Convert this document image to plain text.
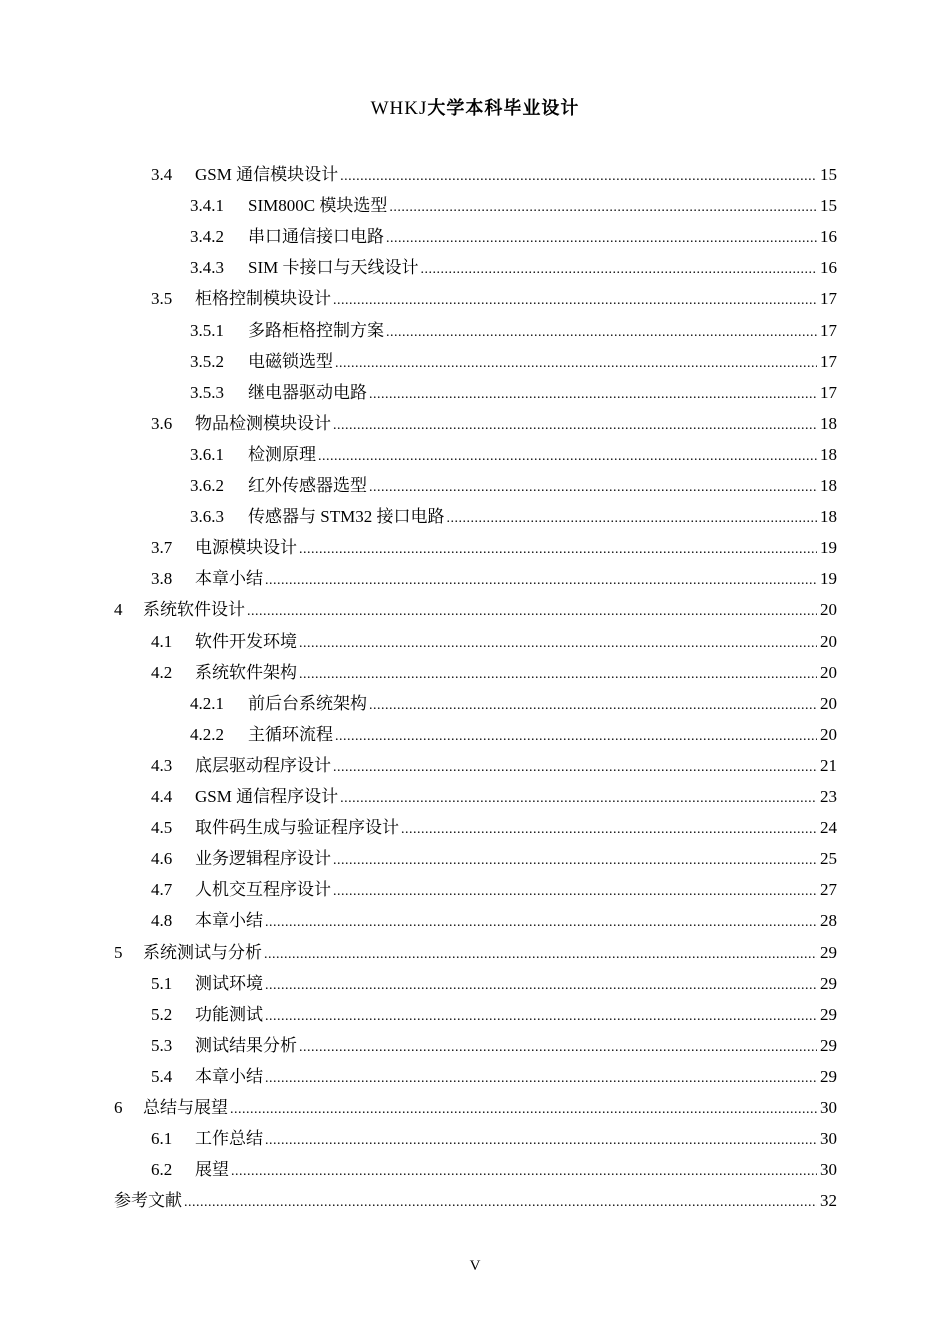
WHKJ大学本科毕业设计
3.4	GSM 通信模块设计 .....	15
3.4.1	SIM800C 模块选型 .....	15
3.4.2	串口通信接口电路 .....	16
3.4.3	SIM 卡接口与天线设计 .....	16
3.5	柜格控制模块设计 .....	17
3.5.1	多路柜格控制方案 .....	17
3.5.2	电磁锁选型 .....	17
3.5.3	继电器驱动电路 .....	17
3.6	物品检测模块设计 .....	18
3.6.1	检测原理 .....	18
3.6.2	红外传感器选型 .....	18
3.6.3	传感器与 STM32 接口电路 .....	18
3.7	电源模块设计 .....	19
3.8	本章小结 .....	19
4	系统软件设计 .....	20
4.1	软件开发环境 .....	20
4.2	系统软件架构 .....	20
4.2.1	前后台系统架构 .....	20
4.2.2	主循环流程 .....	20
4.3	底层驱动程序设计 .....	21
4.4	GSM 通信程序设计 .....	23
4.5	取件码生成与验证程序设计 .....	24
4.6	业务逻辑程序设计 .....	25
4.7	人机交互程序设计 .....	27
4.8	本章小结 .....	28
5	系统测试与分析 .....	29
5.1	测试环境 .....	29
5.2	功能测试 .....	29
5.3	测试结果分析 .....	29
5.4	本章小结 .....	29
6	总结与展望 .....	30
6.1	工作总结 .....	30
6.2	展望 .....	30
参考文献 .....	32
V
